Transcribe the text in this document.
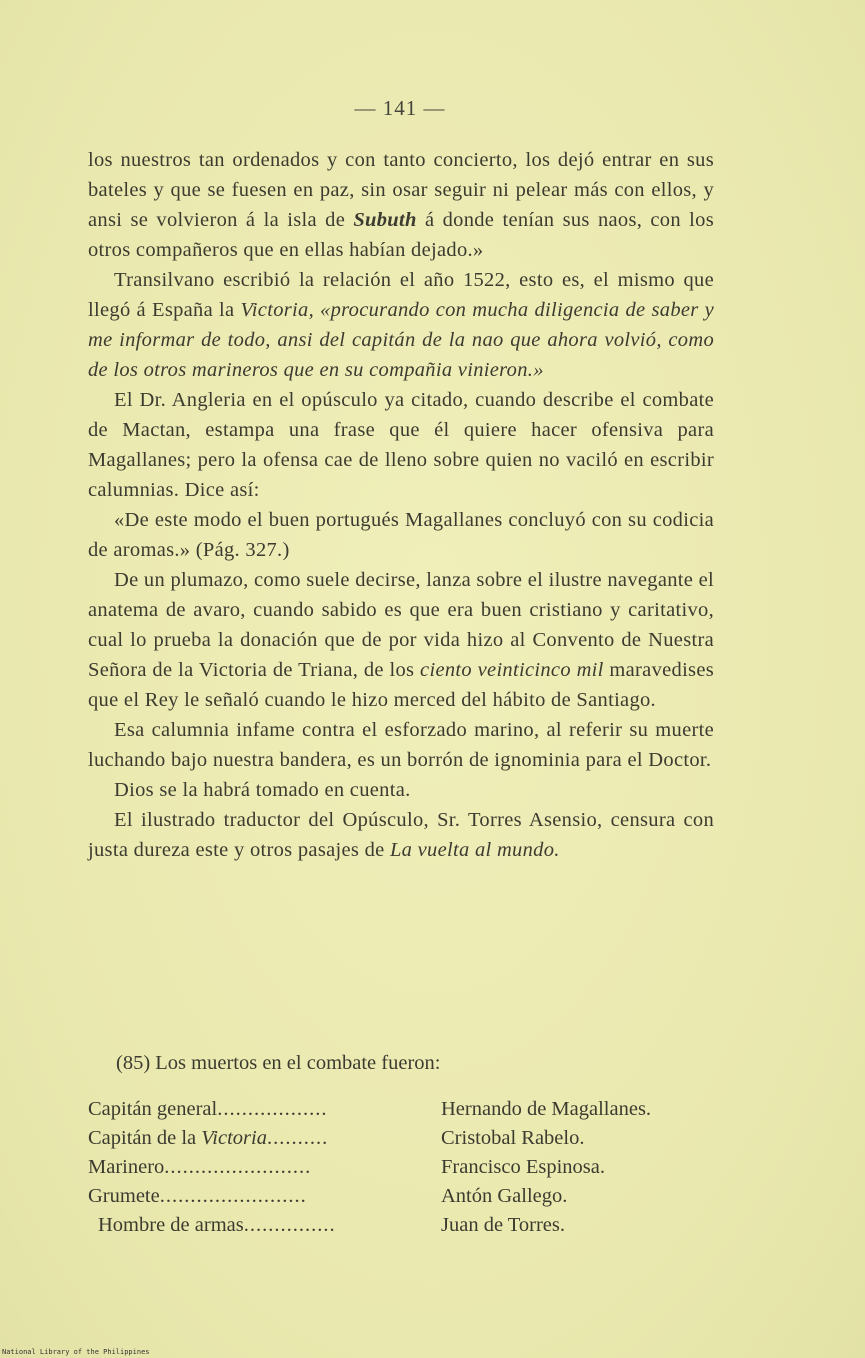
— 141 —

los nuestros tan ordenados y con tanto concierto, los dejó entrar en sus bateles y que se fuesen en paz, sin osar seguir ni pelear más con ellos, y ansi se volvieron á la isla de Subuth á donde tenían sus naos, con los otros compañeros que en ellas habían dejado.»

Transilvano escribió la relación el año 1522, esto es, el mismo que llegó á España la Victoria, «procurando con mucha diligencia de saber y me informar de todo, ansi del capitán de la nao que ahora volvió, como de los otros marineros que en su compañia vinieron.»

El Dr. Angleria en el opúsculo ya citado, cuando describe el combate de Mactan, estampa una frase que él quiere hacer ofensiva para Magallanes; pero la ofensa cae de lleno sobre quien no vaciló en escribir calumnias. Dice así:

«De este modo el buen portugués Magallanes concluyó con su codicia de aromas.» (Pág. 327.)

De un plumazo, como suele decirse, lanza sobre el ilustre navegante el anatema de avaro, cuando sabido es que era buen cristiano y caritativo, cual lo prueba la donación que de por vida hizo al Convento de Nuestra Señora de la Victoria de Triana, de los ciento veinticinco mil maravedises que el Rey le señaló cuando le hizo merced del hábito de Santiago.

Esa calumnia infame contra el esforzado marino, al referir su muerte luchando bajo nuestra bandera, es un borrón de ignominia para el Doctor.

Dios se la habrá tomado en cuenta.

El ilustrado traductor del Opúsculo, Sr. Torres Asensio, censura con justa dureza este y otros pasajes de La vuelta al mundo.

(85) Los muertos en el combate fueron:
Capitán general..................	Hernando de Magallanes.
Capitán de la Victoria..........	Cristobal Rabelo.
Marinero........................	Francisco Espinosa.
Grumete........................	Antón Gallego.
Hombre de armas...............	Juan de Torres.
National Library of the Philippines
